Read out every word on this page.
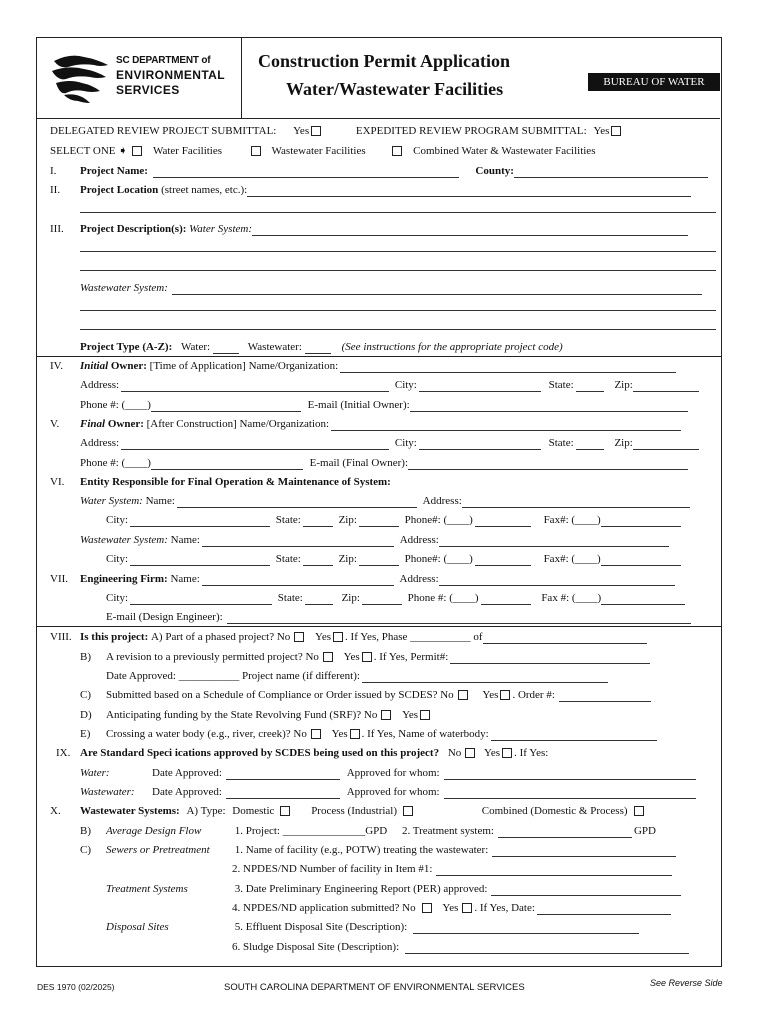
SC DEPARTMENT of
ENVIRONMENTAL
SERVICES
Construction Permit Application
Water/Wastewater Facilities	BUREAU OF WATER
DELEGATED REVIEW PROJECT SUBMITTAL: Yes	EXPEDITED REVIEW PROGRAM SUBMITTAL: Yes
SELECT ONE ➧ Water Facilities	Wastewater Facilities	Combined Water & Wastewater Facilities
I. Project Name:	County:
II. Project Location (street names, etc.):
III. Project Description(s): Water System:
Wastewater System:
Project Type (A-Z): Water:	Wastewater:	(See instructions for the appropriate project code)
IV. Initial Owner: [Time of Application] Name/Organization:
Address:	City:	State:	Zip:
Phone #: (____)	E-mail (Initial Owner):
V. Final Owner: [After Construction] Name/Organization:
Address:	City:	State:	Zip:
Phone #: (____)	E-mail (Final Owner):
VI. Entity Responsible for Final Operation & Maintenance of System:
Water System: Name:	Address:
City:	State:	Zip:	Phone#: (____)	Fax#: (____)
Wastewater System: Name:	Address:
City:	State:	Zip:	Phone#: (____)	Fax#: (____)
VII. Engineering Firm: Name:	Address:
City:	State:	Zip:	Phone #: (____)	Fax #: (____)
E-mail (Design Engineer):
VIII. Is this project: A) Part of a phased project? No Yes . If Yes, Phase ___________ of
B) A revision to a previously permitted project? No Yes . If Yes, Permit#:
Date Approved: ___________ Project name (if different):
C) Submitted based on a Schedule of Compliance or Order issued by SCDES? No	Yes . Order #:
D) Anticipating funding by the State Revolving Fund (SRF)? No Yes
E) Crossing a water body (e.g., river, creek)? No Yes . If Yes, Name of waterbody:
IX. Are Standard Speci ications approved by SCDES being used on this project? No Yes . If Yes:
Water:	Date Approved:	Approved for whom:
Wastewater: Date Approved:	Approved for whom:
X. Wastewater Systems: A) Type: Domestic	Process (Industrial)	Combined (Domestic & Process)
B) Average Design Flow	1. Project: _______________GPD 2. Treatment system:	GPD
C) Sewers or Pretreatment 1. Name of facility (e.g., POTW) treating the wastewater:
2. NPDES/ND Number of facility in Item #1:
Treatment Systems	3. Date Preliminary Engineering Report (PER) approved:
4. NPDES/ND application submitted? No Yes . If Yes, Date:
Disposal Sites	5. Effluent Disposal Site (Description):
6. Sludge Disposal Site (Description):
DES 1970 (02/2025)	SOUTH CAROLINA DEPARTMENT OF ENVIRONMENTAL SERVICES	See Reverse Side
